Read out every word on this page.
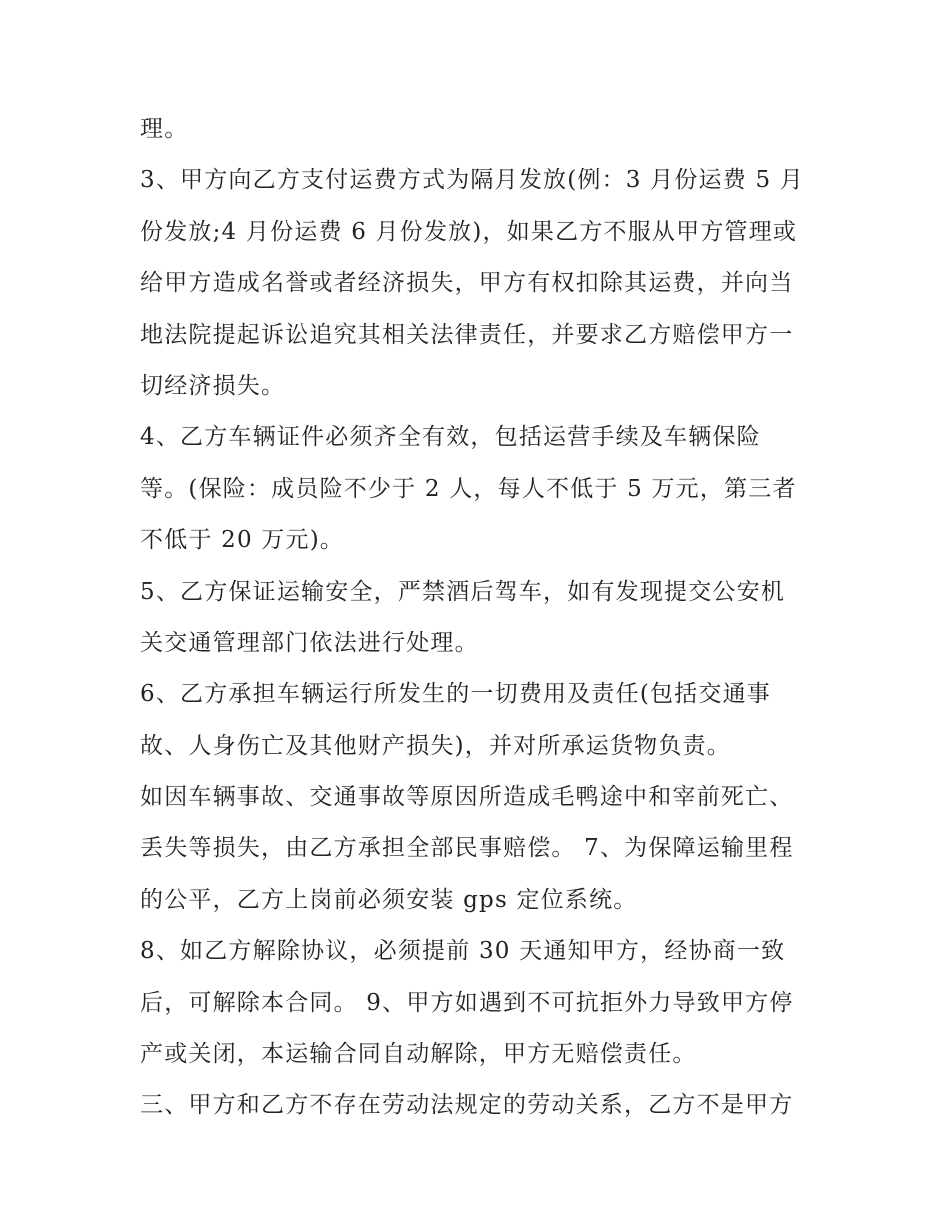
理。
3、甲方向乙方支付运费方式为隔月发放(例：3 月份运费 5 月
份发放;4 月份运费 6 月份发放)，如果乙方不服从甲方管理或
给甲方造成名誉或者经济损失，甲方有权扣除其运费，并向当
地法院提起诉讼追究其相关法律责任，并要求乙方赔偿甲方一
切经济损失。
4、乙方车辆证件必须齐全有效，包括运营手续及车辆保险
等。(保险：成员险不少于 2 人，每人不低于 5 万元，第三者
不低于 20 万元)。
5、乙方保证运输安全，严禁酒后驾车，如有发现提交公安机
关交通管理部门依法进行处理。
6、乙方承担车辆运行所发生的一切费用及责任(包括交通事
故、人身伤亡及其他财产损失)，并对所承运货物负责。
如因车辆事故、交通事故等原因所造成毛鸭途中和宰前死亡、
丢失等损失，由乙方承担全部民事赔偿。 7、为保障运输里程
的公平，乙方上岗前必须安装 gps 定位系统。
8、如乙方解除协议，必须提前 30 天通知甲方，经协商一致
后，可解除本合同。 9、甲方如遇到不可抗拒外力导致甲方停
产或关闭，本运输合同自动解除，甲方无赔偿责任。
三、甲方和乙方不存在劳动法规定的劳动关系，乙方不是甲方
